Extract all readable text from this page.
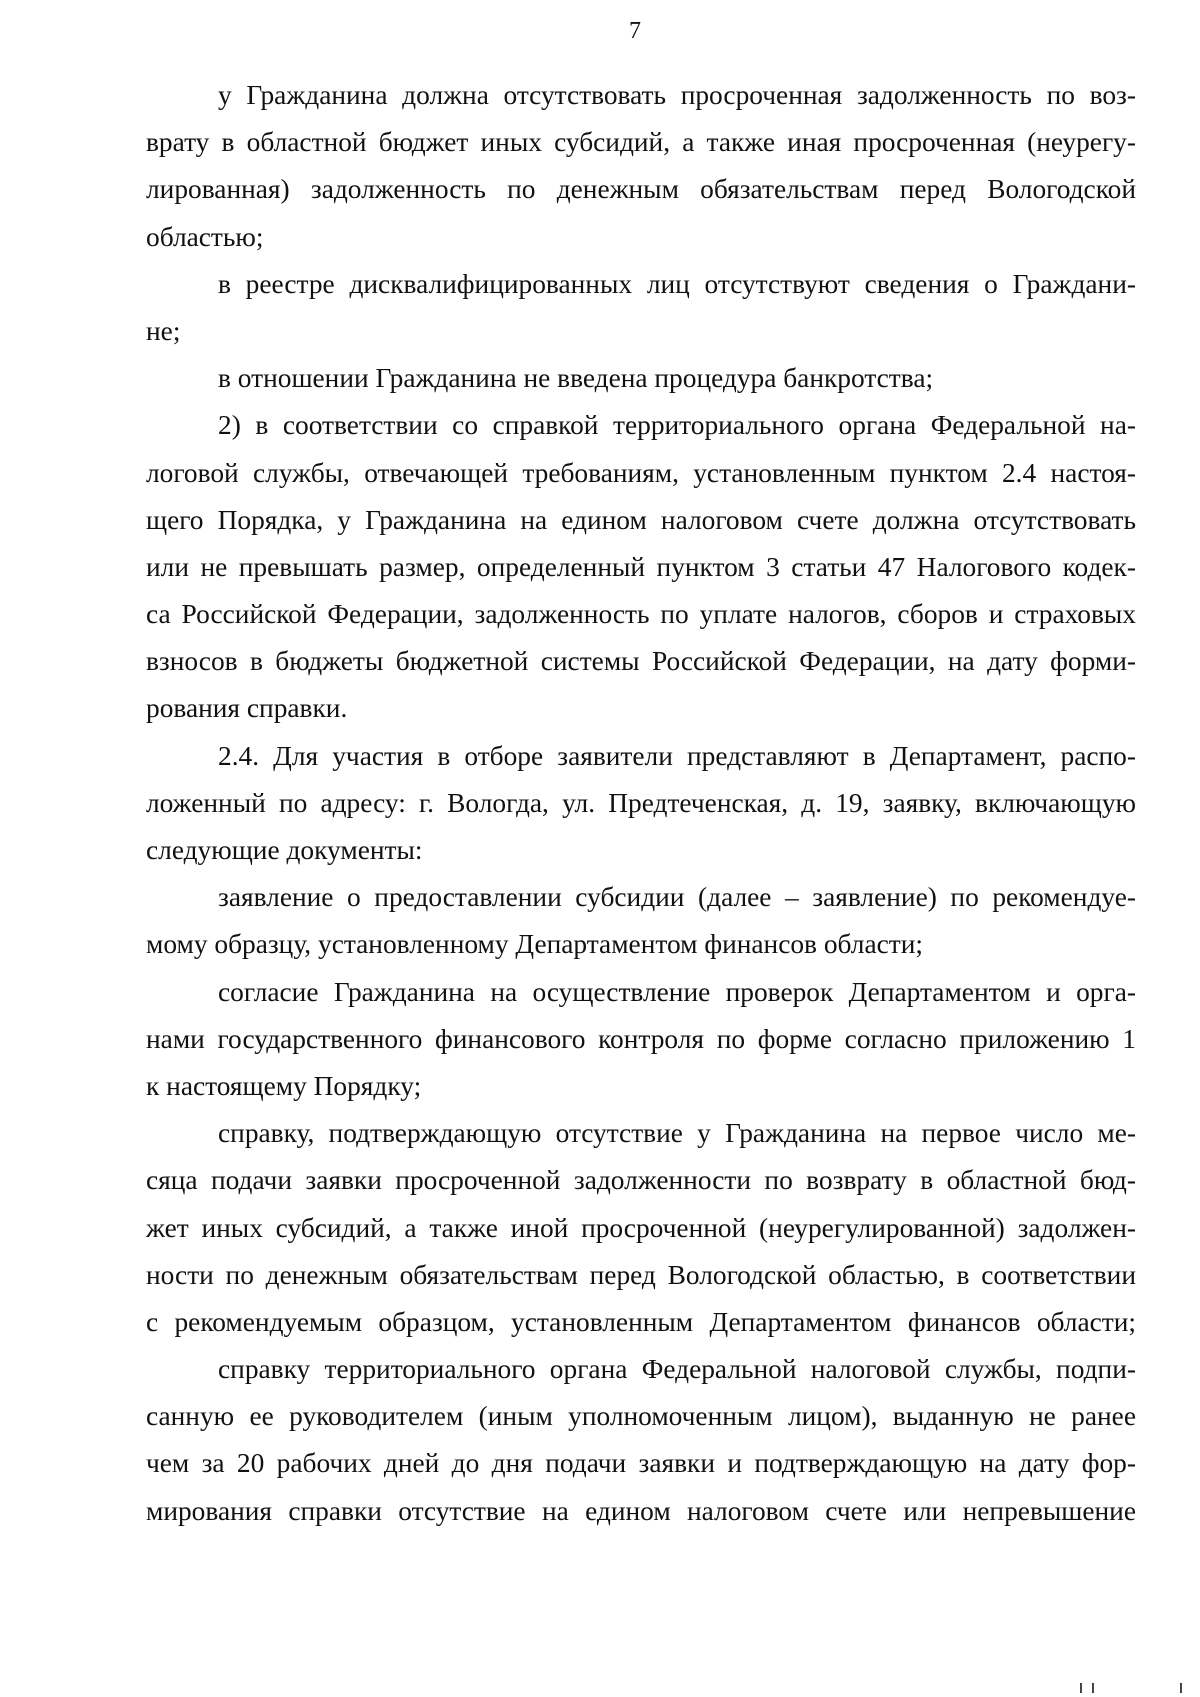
7
у Гражданина должна отсутствовать просроченная задолженность по воз-
врату в областной бюджет иных субсидий, а также иная просроченная (неурегу-
лированная) задолженность по денежным обязательствам перед Вологодской
областью;
в реестре дисквалифицированных лиц отсутствуют сведения о Граждани-
не;
в отношении Гражданина не введена процедура банкротства;
2) в соответствии со справкой территориального органа Федеральной на-
логовой службы, отвечающей требованиям, установленным пунктом 2.4 настоя-
щего Порядка, у Гражданина на едином налоговом счете должна отсутствовать
или не превышать размер, определенный пунктом 3 статьи 47 Налогового кодек-
са Российской Федерации, задолженность по уплате налогов, сборов и страховых
взносов в бюджеты бюджетной системы Российской Федерации, на дату форми-
рования справки.
2.4. Для участия в отборе заявители представляют в Департамент, распо-
ложенный по адресу: г. Вологда, ул. Предтеченская, д. 19, заявку, включающую
следующие документы:
заявление о предоставлении субсидии (далее – заявление) по рекомендуе-
мому образцу, установленному Департаментом финансов области;
согласие Гражданина на осуществление проверок Департаментом и орга-
нами государственного финансового контроля по форме согласно приложению 1
к настоящему Порядку;
справку, подтверждающую отсутствие у Гражданина на первое число ме-
сяца подачи заявки просроченной задолженности по возврату в областной бюд-
жет иных субсидий, а также иной просроченной (неурегулированной) задолжен-
ности по денежным обязательствам перед Вологодской областью, в соответствии
с рекомендуемым образцом, установленным Департаментом финансов области;
справку территориального органа Федеральной налоговой службы, подпи-
санную ее руководителем (иным уполномоченным лицом), выданную не ранее
чем за 20 рабочих дней до дня подачи заявки и подтверждающую на дату фор-
мирования справки отсутствие на едином налоговом счете или непревышение
